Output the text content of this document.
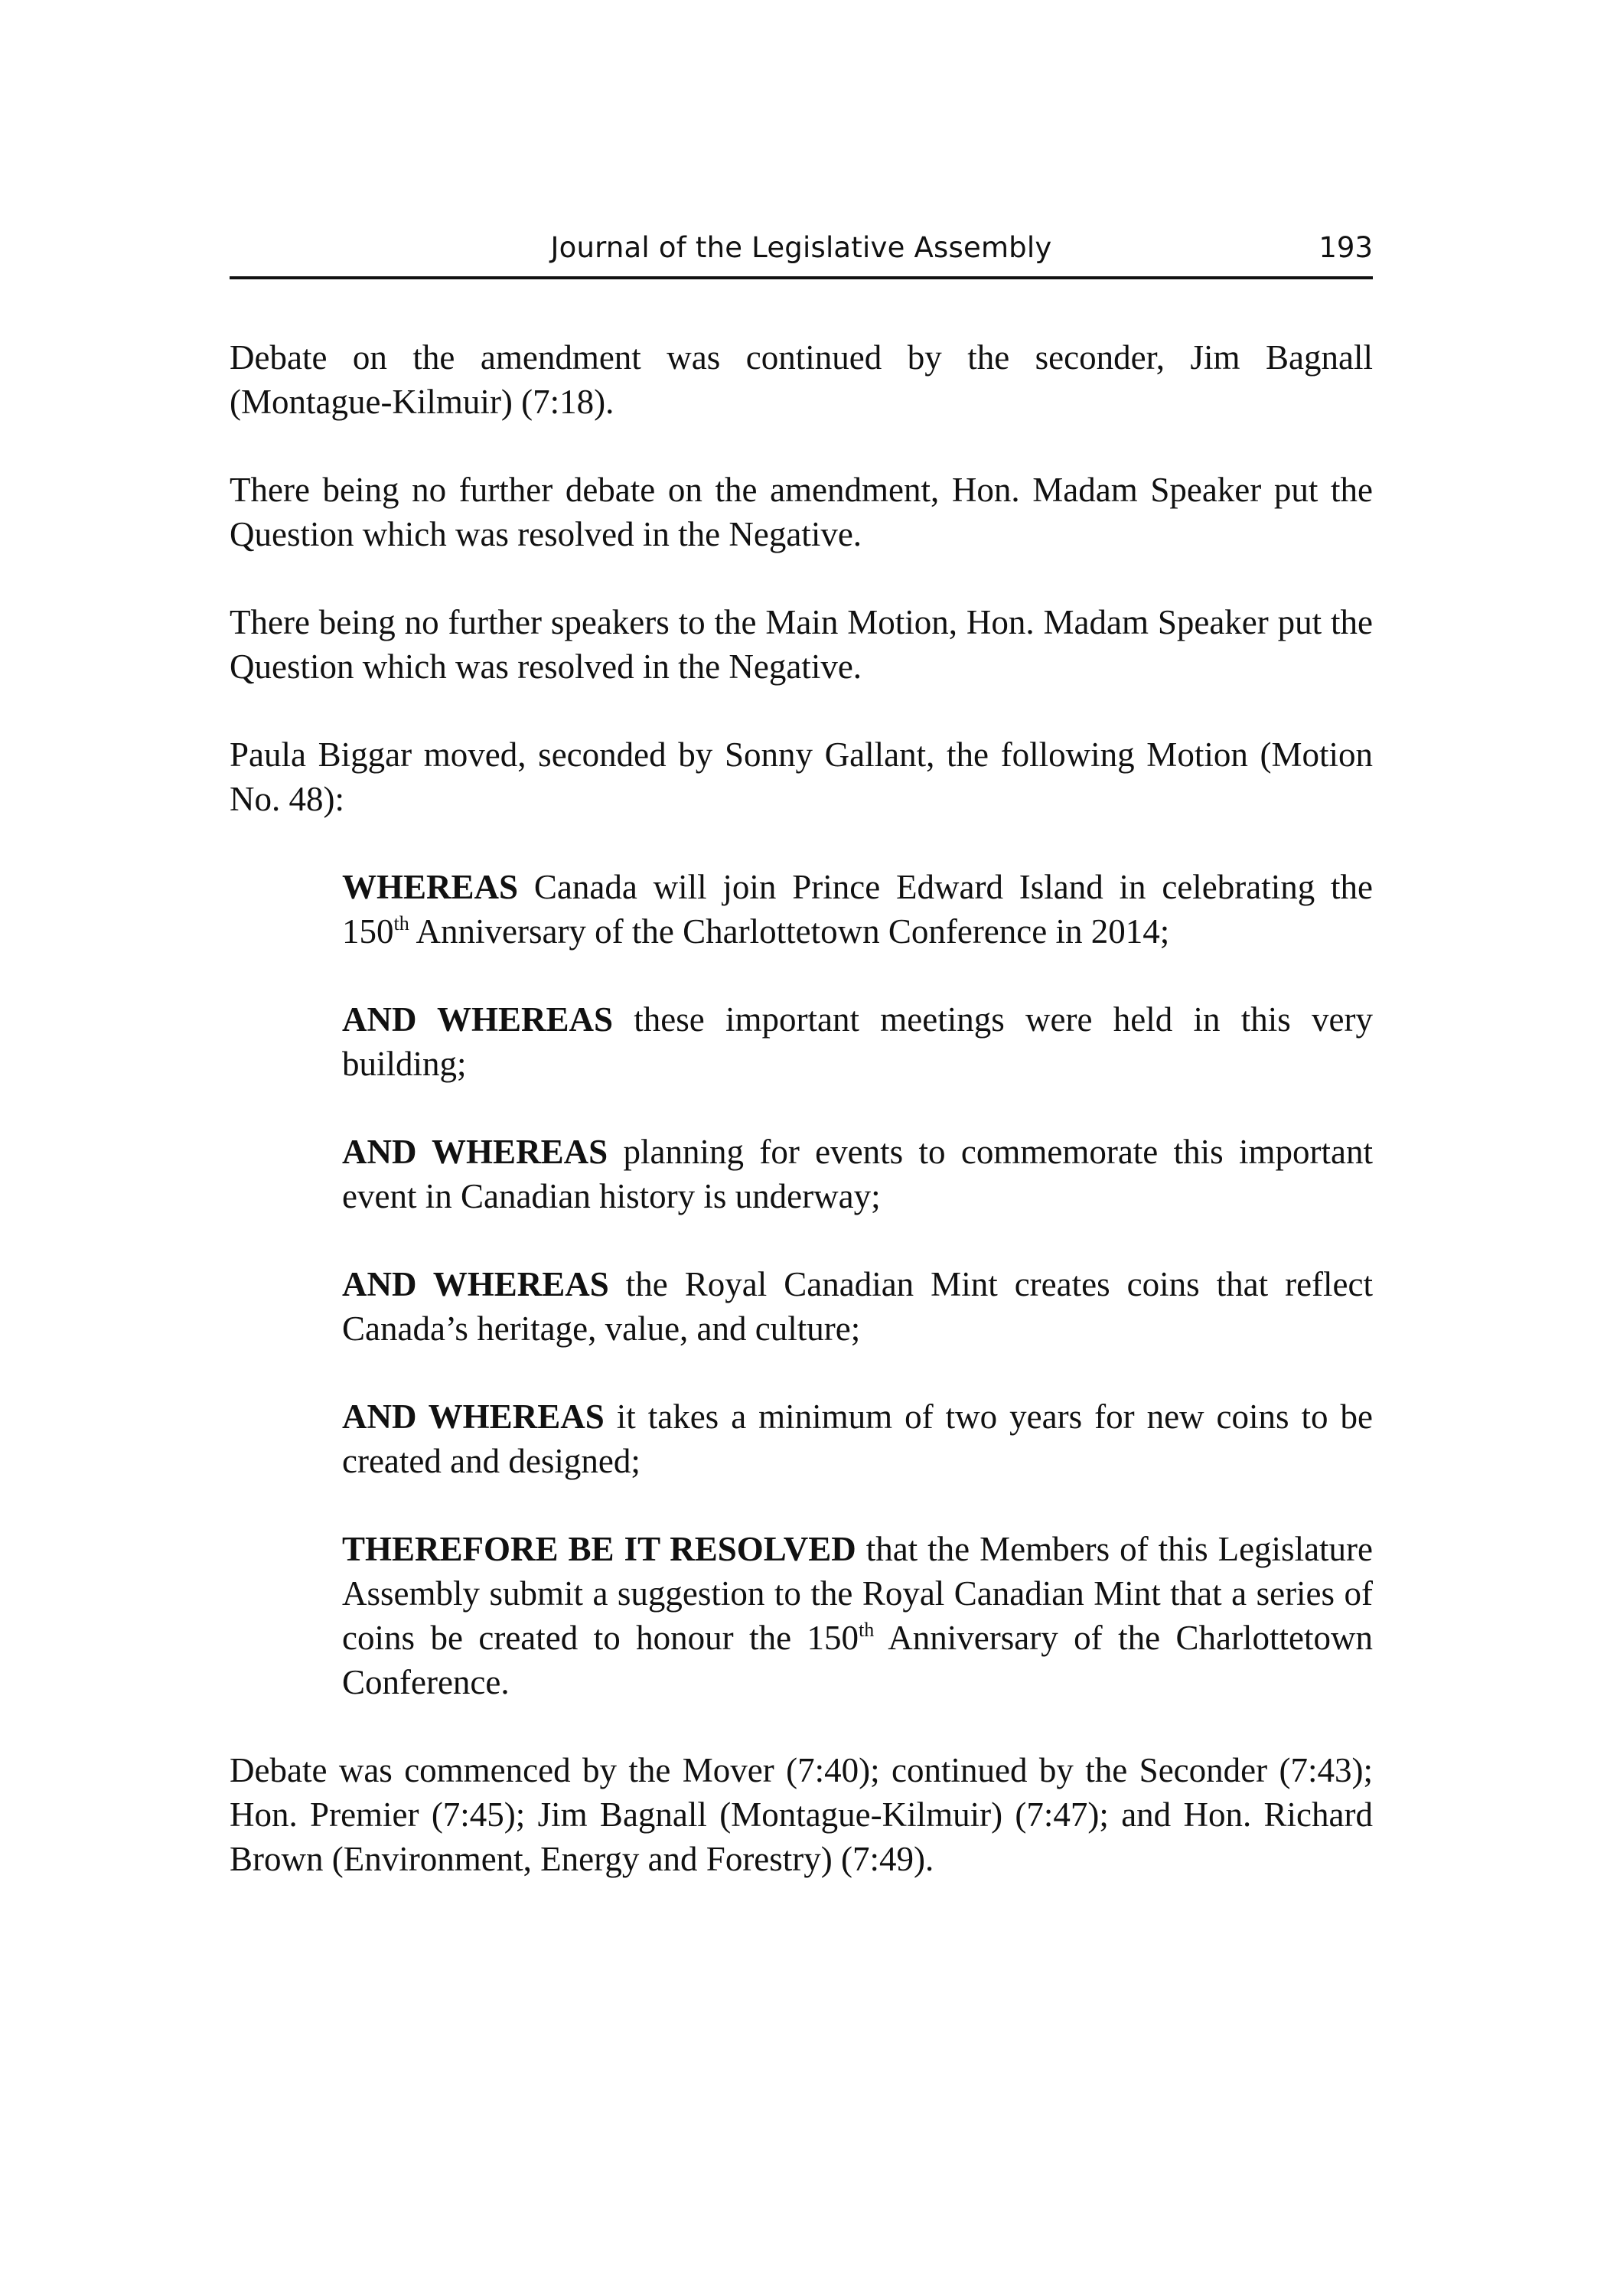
Journal of the Legislative Assembly	193

Debate on the amendment was continued by the seconder, Jim Bagnall (Montague-Kilmuir) (7:18).

There being no further debate on the amendment, Hon. Madam Speaker put the Question which was resolved in the Negative.

There being no further speakers to the Main Motion, Hon. Madam Speaker put the Question which was resolved in the Negative.

Paula Biggar moved, seconded by Sonny Gallant, the following Motion (Motion No. 48):

WHEREAS Canada will join Prince Edward Island in celebrating the 150th Anniversary of the Charlottetown Conference in 2014;

AND WHEREAS these important meetings were held in this very building;

AND WHEREAS planning for events to commemorate this important event in Canadian history is underway;

AND WHEREAS the Royal Canadian Mint creates coins that reflect Canada’s heritage, value, and culture;

AND WHEREAS it takes a minimum of two years for new coins to be created and designed;

THEREFORE BE IT RESOLVED that the Members of this Legislature Assembly submit a suggestion to the Royal Canadian Mint that a series of coins be created to honour the 150th Anniversary of the Charlottetown Conference.

Debate was commenced by the Mover (7:40); continued by the Seconder (7:43); Hon. Premier (7:45); Jim Bagnall (Montague-Kilmuir) (7:47); and Hon. Richard Brown (Environment, Energy and Forestry) (7:49).
